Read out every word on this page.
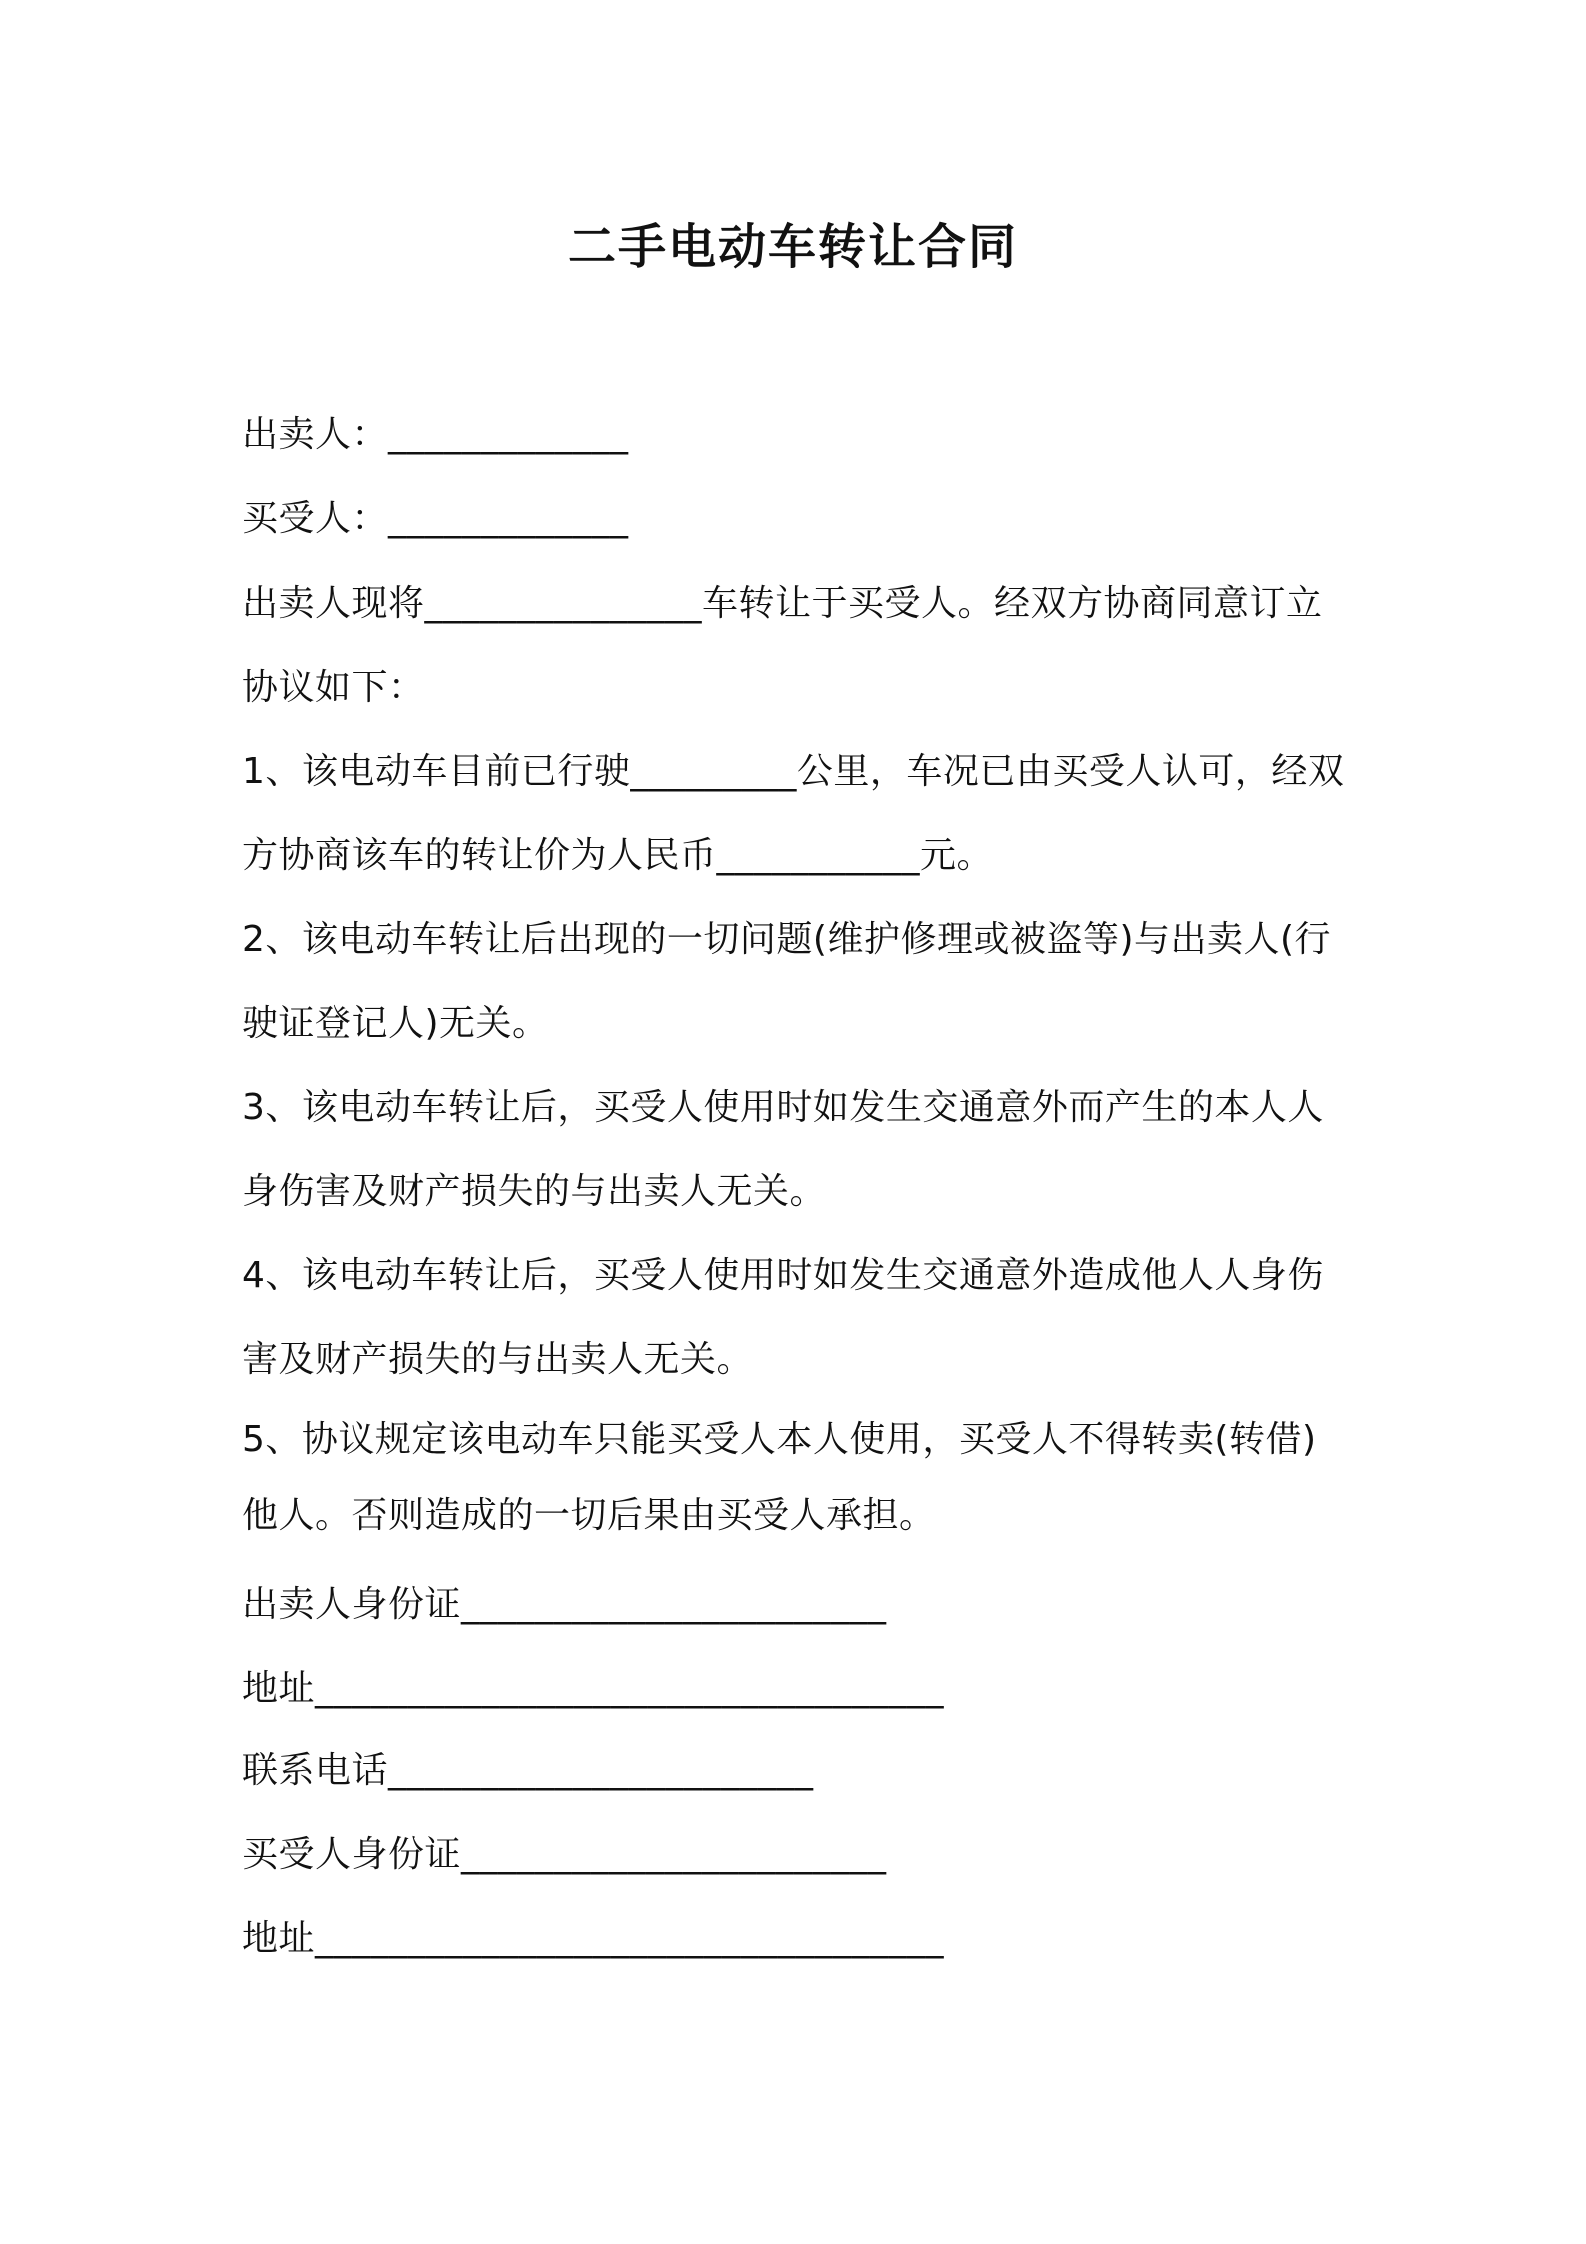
二手电动车转让合同
出卖人：_____________
买受人：_____________
出卖人现将_______________车转让于买受人。经双方协商同意订立
协议如下：
1、该电动车目前已行驶_________公里，车况已由买受人认可，经双
方协商该车的转让价为人民币___________元。
2、该电动车转让后出现的一切问题(维护修理或被盗等)与出卖人(行
驶证登记人)无关。
3、该电动车转让后，买受人使用时如发生交通意外而产生的本人人
身伤害及财产损失的与出卖人无关。
4、该电动车转让后，买受人使用时如发生交通意外造成他人人身伤
害及财产损失的与出卖人无关。
5、协议规定该电动车只能买受人本人使用，买受人不得转卖(转借)
他人。否则造成的一切后果由买受人承担。
出卖人身份证_______________________
地址__________________________________
联系电话_______________________
买受人身份证_______________________
地址__________________________________
